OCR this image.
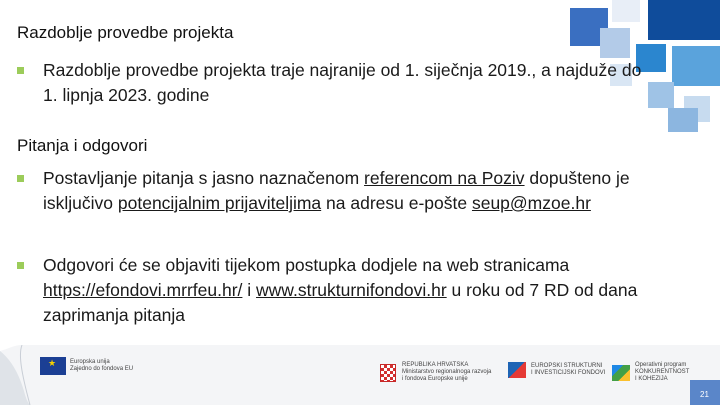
Razdoblje provedbe projekta
Razdoblje provedbe projekta traje najranije od 1. siječnja 2019., a najduže do 1. lipnja 2023. godine
Pitanja i odgovori
Postavljanje pitanja s jasno naznačenom referencom na Poziv dopušteno je isključivo potencijalnim prijaviteljima na adresu e-pošte seup@mzoe.hr
Odgovori će se objaviti tijekom postupka dodjele na web stranicama https://efondovi.mrrfeu.hr/ i www.strukturnifondovi.hr u roku od 7 RD od dana zaprimanja pitanja
★
Europska unija
Zajedno do fondova EU
REPUBLIKA HRVATSKA
Ministarstvo regionalnoga razvoja
i fondova Europske unije
EUROPSKI STRUKTURNI
I INVESTICIJSKI FONDOVI
Operativni program
KONKURENTNOST
I KOHEZIJA
21
